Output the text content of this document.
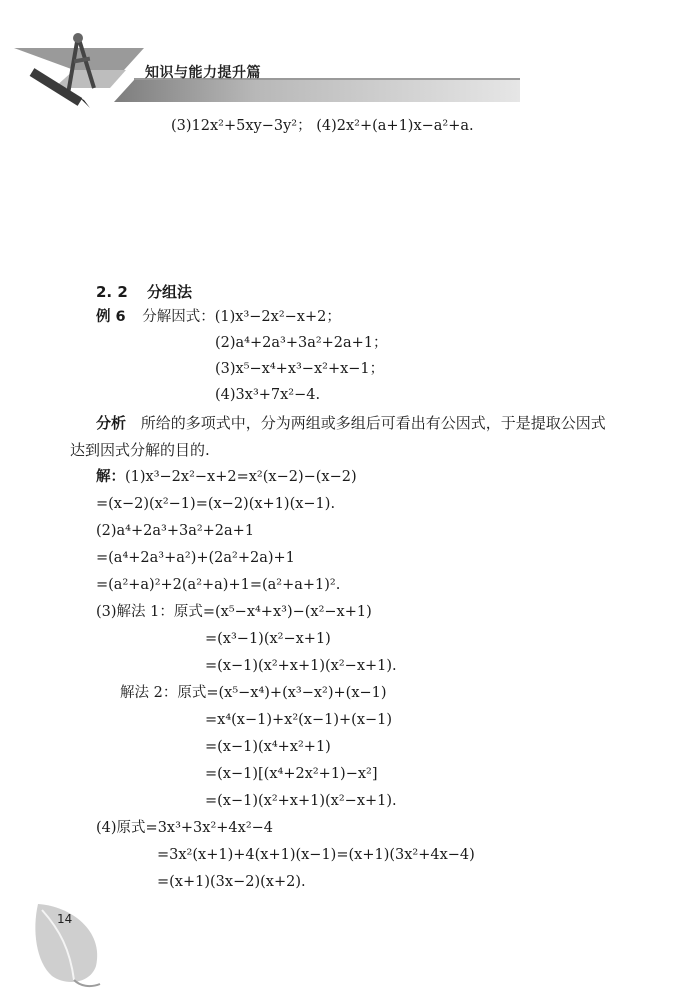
知识与能力提升篇
(3)12x²+5xy−3y²； (4)2x²+(a+1)x−a²+a.
2. 2 分组法
例 6 分解因式：(1)x³−2x²−x+2；
(2)a⁴+2a³+3a²+2a+1；
(3)x⁵−x⁴+x³−x²+x−1；
(4)3x³+7x²−4.
分析 所给的多项式中，分为两组或多组后可看出有公因式，于是提取公因式达到因式分解的目的.
解：(1)x³−2x²−x+2=x²(x−2)−(x−2)
=(x−2)(x²−1)=(x−2)(x+1)(x−1).
(2)a⁴+2a³+3a²+2a+1
=(a⁴+2a³+a²)+(2a²+2a)+1
=(a²+a)²+2(a²+a)+1=(a²+a+1)².
(3)解法 1：原式=(x⁵−x⁴+x³)−(x²−x+1)
=(x³−1)(x²−x+1)
=(x−1)(x²+x+1)(x²−x+1).
解法 2：原式=(x⁵−x⁴)+(x³−x²)+(x−1)
=x⁴(x−1)+x²(x−1)+(x−1)
=(x−1)(x⁴+x²+1)
=(x−1)[(x⁴+2x²+1)−x²]
=(x−1)(x²+x+1)(x²−x+1).
(4)原式=3x³+3x²+4x²−4
=3x²(x+1)+4(x+1)(x−1)=(x+1)(3x²+4x−4)
=(x+1)(3x−2)(x+2).
14
